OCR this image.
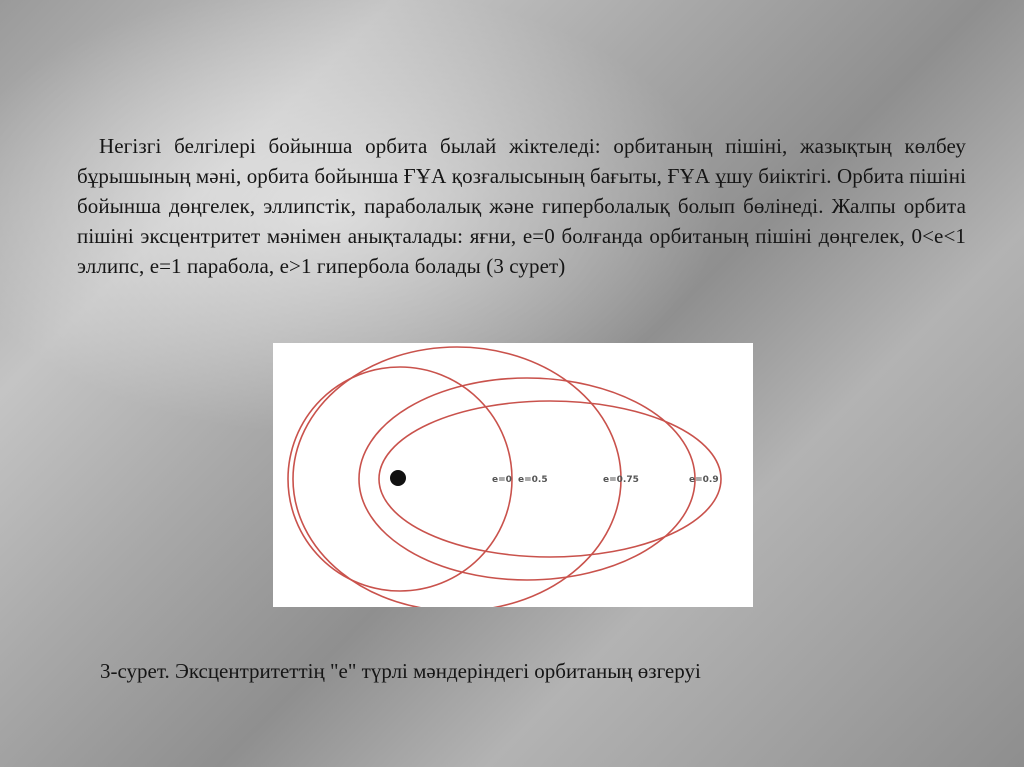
Негізгі белгілері бойынша орбита былай жіктеледі: орбитаның пішіні, жазықтың көлбеу бұрышының мәні, орбита бойынша ҒҰА қозғалысының бағыты, ҒҰА ұшу биіктігі. Орбита пішіні бойынша дөңгелек, эллипстік, параболалық және гиперболалық болып бөлінеді. Жалпы орбита пішіні эксцентритет мәнімен анықталады: яғни, е=0 болғанда орбитаның пішіні дөңгелек, 0<е<1 эллипс, е=1 парабола, е>1 гипербола болады (3 сурет)

e=0 e=0.5	e=0.75	e=0.9
3-сурет. Эксцентритеттің "е" түрлі мәндеріндегі орбитаның өзгеруі
